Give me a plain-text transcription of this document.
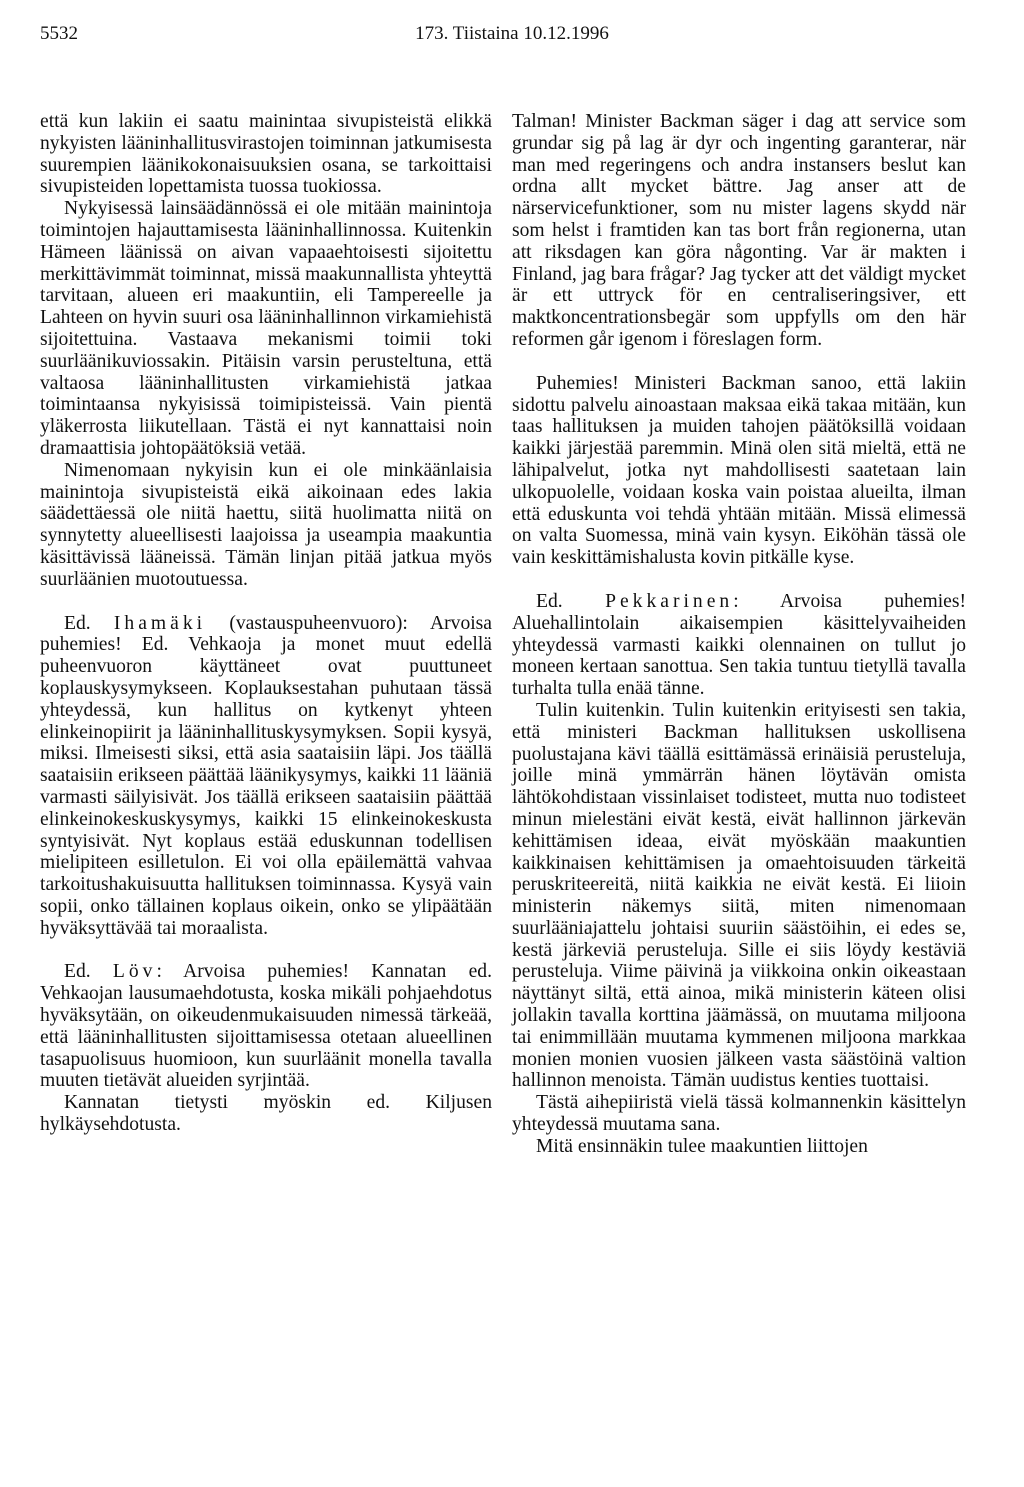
5532	173. Tiistaina 10.12.1996

että kun lakiin ei saatu mainintaa sivupisteistä elikkä nykyisten lääninhallitusvirastojen toiminnan jatkumisesta suurempien läänikokonaisuuksien osana, se tarkoittaisi sivupisteiden lopettamista tuossa tuokiossa.

Nykyisessä lainsäädännössä ei ole mitään mainintoja toimintojen hajauttamisesta lääninhallinnossa. Kuitenkin Hämeen läänissä on aivan vapaaehtoisesti sijoitettu merkittävimmät toiminnat, missä maakunnallista yhteyttä tarvitaan, alueen eri maakuntiin, eli Tampereelle ja Lahteen on hyvin suuri osa lääninhallinnon virkamiehistä sijoitettuina. Vastaava mekanismi toimii toki suurläänikuviossakin. Pitäisin varsin perusteltuna, että valtaosa lääninhallitusten virkamiehistä jatkaa toimintaansa nykyisissä toimipisteissä. Vain pientä yläkerrosta liikutellaan. Tästä ei nyt kannattaisi noin dramaattisia johtopäätöksiä vetää.

Nimenomaan nykyisin kun ei ole minkäänlaisia mainintoja sivupisteistä eikä aikoinaan edes lakia säädettäessä ole niitä haettu, siitä huolimatta niitä on synnytetty alueellisesti laajoissa ja useampia maakuntia käsittävissä lääneissä. Tämän linjan pitää jatkua myös suurläänien muotoutuessa.

Ed. Ihamäki (vastauspuheenvuoro): Arvoisa puhemies! Ed. Vehkaoja ja monet muut edellä puheenvuoron käyttäneet ovat puuttuneet koplauskysymykseen. Koplauksestahan puhutaan tässä yhteydessä, kun hallitus on kytkenyt yhteen elinkeinopiirit ja lääninhallituskysymyksen. Sopii kysyä, miksi. Ilmeisesti siksi, että asia saataisiin läpi. Jos täällä saataisiin erikseen päättää läänikysymys, kaikki 11 lääniä varmasti säilyisivät. Jos täällä erikseen saataisiin päättää elinkeinokeskuskysymys, kaikki 15 elinkeinokeskusta syntyisivät. Nyt koplaus estää eduskunnan todellisen mielipiteen esilletulon. Ei voi olla epäilemättä vahvaa tarkoitushakuisuutta hallituksen toiminnassa. Kysyä vain sopii, onko tällainen koplaus oikein, onko se ylipäätään hyväksyttävää tai moraalista.

Ed. Löv: Arvoisa puhemies! Kannatan ed. Vehkaojan lausumaehdotusta, koska mikäli pohjaehdotus hyväksytään, on oikeudenmukaisuuden nimessä tärkeää, että lääninhallitusten sijoittamisessa otetaan alueellinen tasapuolisuus huomioon, kun suurläänit monella tavalla muuten tietävät alueiden syrjintää.

Kannatan tietysti myöskin ed. Kiljusen hylkäysehdotusta.

Talman! Minister Backman säger i dag att service som grundar sig på lag är dyr och ingenting garanterar, när man med regeringens och andra instansers beslut kan ordna allt mycket bättre. Jag anser att de närservicefunktioner, som nu mister lagens skydd när som helst i framtiden kan tas bort från regionerna, utan att riksdagen kan göra någonting. Var är makten i Finland, jag bara frågar? Jag tycker att det väldigt mycket är ett uttryck för en centraliseringsiver, ett maktkoncentrationsbegär som uppfylls om den här reformen går igenom i föreslagen form.

Puhemies! Ministeri Backman sanoo, että lakiin sidottu palvelu ainoastaan maksaa eikä takaa mitään, kun taas hallituksen ja muiden tahojen päätöksillä voidaan kaikki järjestää paremmin. Minä olen sitä mieltä, että ne lähipalvelut, jotka nyt mahdollisesti saatetaan lain ulkopuolelle, voidaan koska vain poistaa alueilta, ilman että eduskunta voi tehdä yhtään mitään. Missä elimessä on valta Suomessa, minä vain kysyn. Eiköhän tässä ole vain keskittämishalusta kovin pitkälle kyse.

Ed. Pekkarinen: Arvoisa puhemies! Aluehallintolain aikaisempien käsittelyvaiheiden yhteydessä varmasti kaikki olennainen on tullut jo moneen kertaan sanottua. Sen takia tuntuu tietyllä tavalla turhalta tulla enää tänne.

Tulin kuitenkin. Tulin kuitenkin erityisesti sen takia, että ministeri Backman hallituksen uskollisena puolustajana kävi täällä esittämässä erinäisiä perusteluja, joille minä ymmärrän hänen löytävän omista lähtökohdistaan vissinlaiset todisteet, mutta nuo todisteet minun mielestäni eivät kestä, eivät hallinnon järkevän kehittämisen ideaa, eivät myöskään maakuntien kaikkinaisen kehittämisen ja omaehtoisuuden tärkeitä peruskriteereitä, niitä kaikkia ne eivät kestä. Ei liioin ministerin näkemys siitä, miten nimenomaan suurlääniajattelu johtaisi suuriin säästöihin, ei edes se, kestä järkeviä perusteluja. Sille ei siis löydy kestäviä perusteluja. Viime päivinä ja viikkoina onkin oikeastaan näyttänyt siltä, että ainoa, mikä ministerin käteen olisi jollakin tavalla korttina jäämässä, on muutama miljoona tai enimmillään muutama kymmenen miljoona markkaa monien monien vuosien jälkeen vasta säästöinä valtion hallinnon menoista. Tämän uudistus kenties tuottaisi.

Tästä aihepiiristä vielä tässä kolmannenkin käsittelyn yhteydessä muutama sana.

Mitä ensinnäkin tulee maakuntien liittojen
